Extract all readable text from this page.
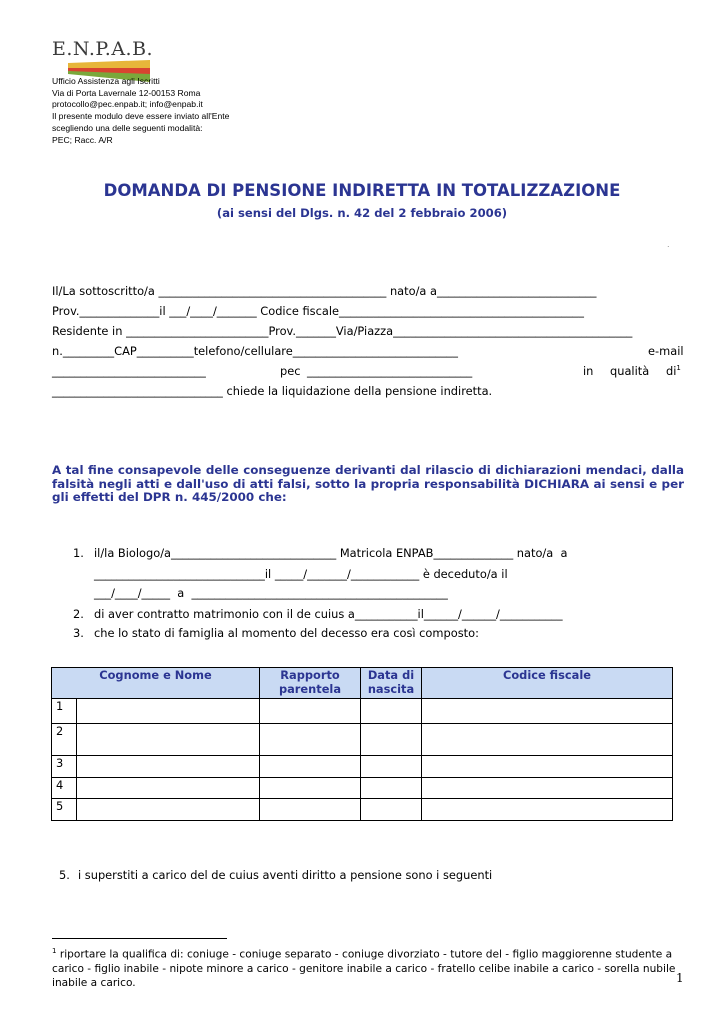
E.N.P.A.B.
Ufficio Assistenza agli Iscritti
Via di Porta Lavernale 12-00153 Roma
protocollo@pec.enpab.it; info@enpab.it
Il presente modulo deve essere inviato all'Ente
scegliendo una delle seguenti modalità:
PEC; Racc. A/R
DOMANDA DI PENSIONE INDIRETTA IN TOTALIZZAZIONE
(ai sensi del Dlgs. n. 42 del 2 febbraio 2006)
.
Il/La sottoscritto/a ________________________________________ nato/a a____________________________
Prov.______________il ___/____/_______ Codice fiscale___________________________________________
Residente in _________________________Prov._______Via/Piazza__________________________________________
n._________CAP__________telefono/cellulare_____________________________	e-mail
___________________________	pec _____________________________	in qualità $di^1$
______________________________ chiede la liquidazione della pensione indiretta.
A tal fine consapevole delle conseguenze derivanti dal rilascio di dichiarazioni mendaci, dalla falsità negli atti e dall'uso di atti falsi, sotto la propria responsabilità DICHIARA ai sensi e per gli effetti del DPR n. 445/2000 che:
1. il/la Biologo/a_____________________________ Matricola ENPAB______________ nato/a  a
______________________________il _____/_______/____________ è deceduto/a il
___/____/_____  a  _____________________________________________
2. di aver contratto matrimonio con il de cuius a___________il______/______/___________
3. che lo stato di famiglia al momento del decesso era così composto:
Cognome e Nome	Rapporto parentela	Data di nascita	Codice fiscale

1			

2			

3			

4			

5			

5. i superstiti a carico del de cuius aventi diritto a pensione sono i seguenti
$^1$ riportare la qualifica di: coniuge - coniuge separato - coniuge divorziato - tutore del - figlio maggiorenne studente a carico - figlio inabile - nipote minore a carico - genitore inabile a carico - fratello celibe inabile a carico - sorella nubile inabile a carico.	1
